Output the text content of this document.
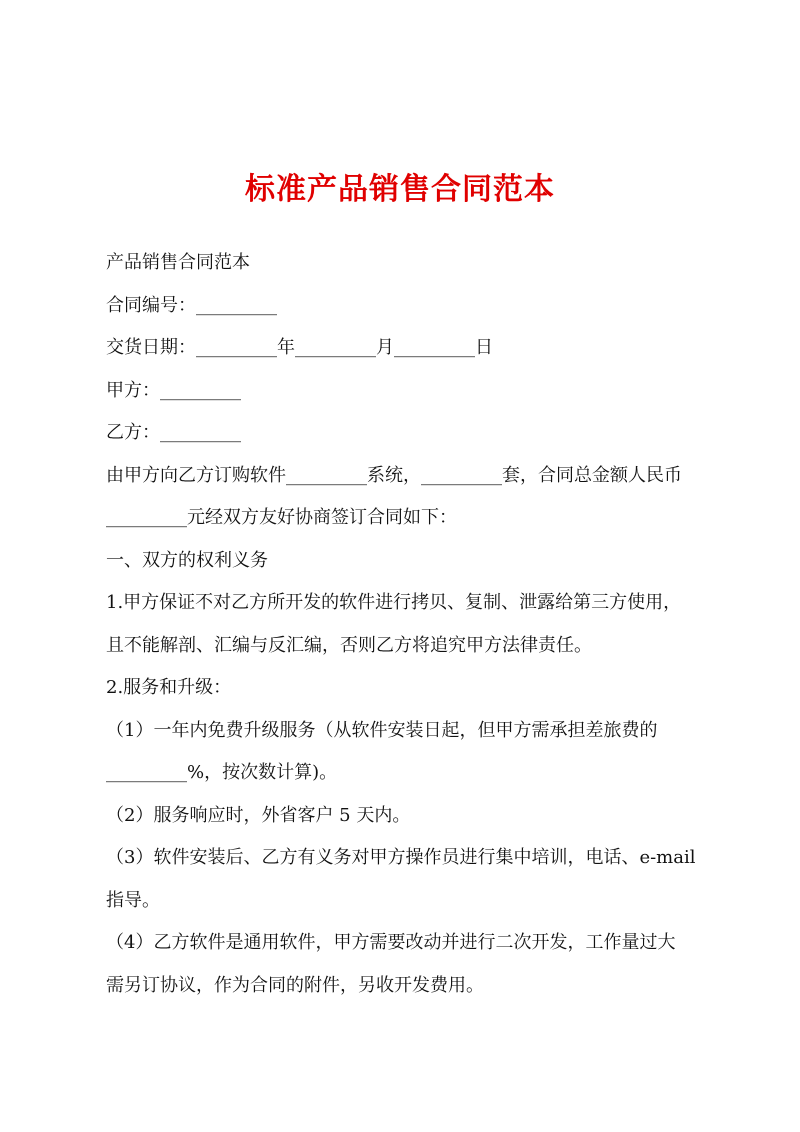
标准产品销售合同范本

产品销售合同范本

合同编号：_________

交货日期：_________年_________月_________日

甲方：_________

乙方：_________

由甲方向乙方订购软件_________系统，_________套，合同总金额人民币

_________元经双方友好协商签订合同如下：

一、双方的权利义务

1.甲方保证不对乙方所开发的软件进行拷贝、复制、泄露给第三方使用，

且不能解剖、汇编与反汇编，否则乙方将追究甲方法律责任。

2.服务和升级：

（1）一年内免费升级服务（从软件安装日起，但甲方需承担差旅费的

_________%，按次数计算)。

（2）服务响应时，外省客户 5 天内。

（3）软件安装后、乙方有义务对甲方操作员进行集中培训，电话、e-mail

指导。

（4）乙方软件是通用软件，甲方需要改动并进行二次开发，工作量过大

需另订协议，作为合同的附件，另收开发费用。
